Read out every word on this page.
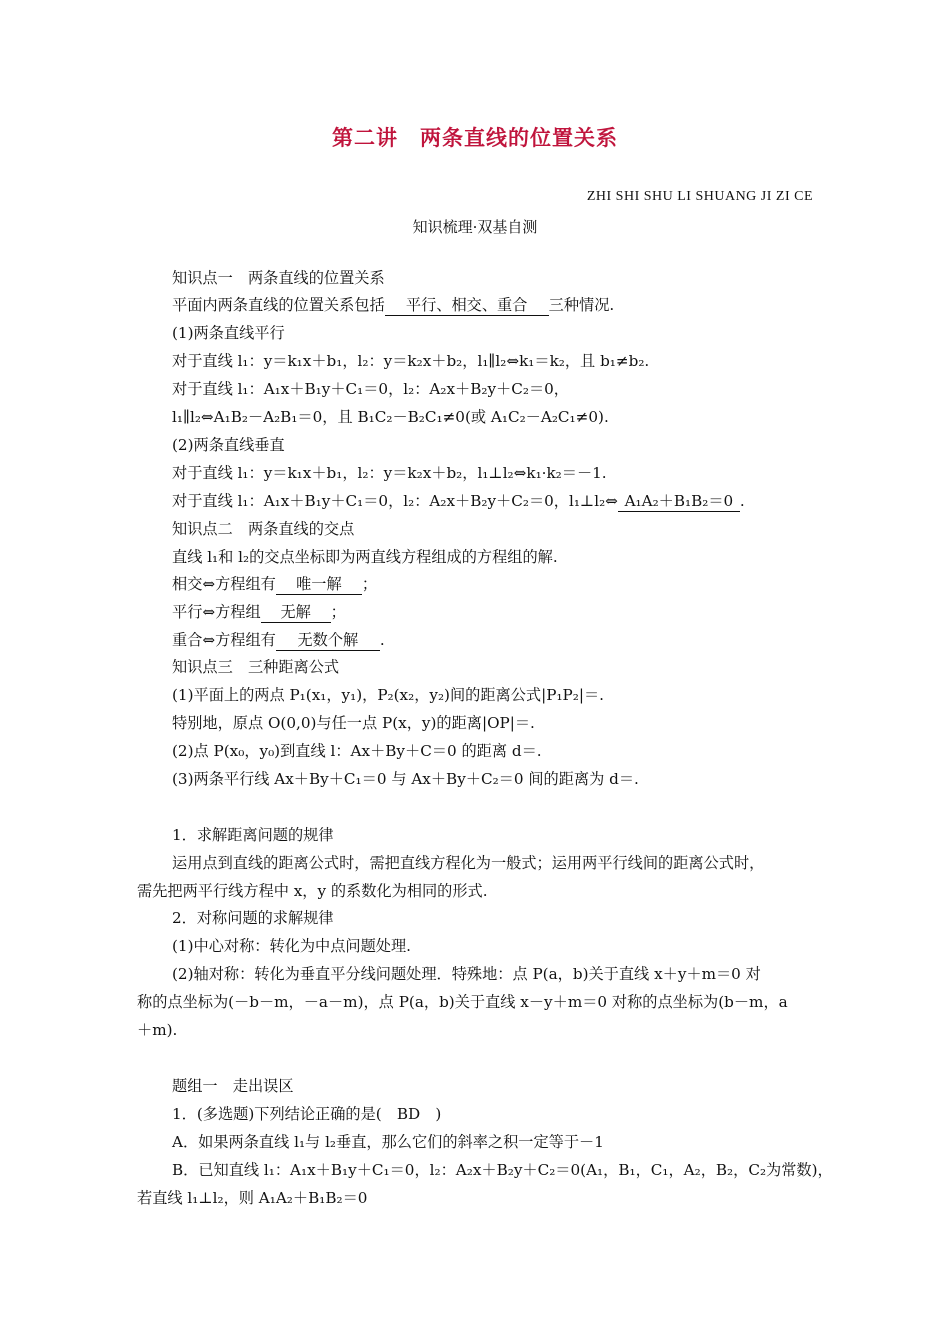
第二讲　两条直线的位置关系
ZHI SHI SHU LI SHUANG JI ZI CE
知识梳理·双基自测
知识点一　两条直线的位置关系
平面内两条直线的位置关系包括 平行、相交、重合 三种情况.
(1)两条直线平行
对于直线 l₁：y＝k₁x＋b₁，l₂：y＝k₂x＋b₂，l₁∥l₂⇔k₁＝k₂，且 b₁≠b₂.
对于直线 l₁：A₁x＋B₁y＋C₁＝0，l₂：A₂x＋B₂y＋C₂＝0，
l₁∥l₂⇔A₁B₂－A₂B₁＝0，且 B₁C₂－B₂C₁≠0(或 A₁C₂－A₂C₁≠0).
(2)两条直线垂直
对于直线 l₁：y＝k₁x＋b₁，l₂：y＝k₂x＋b₂，l₁⊥l₂⇔k₁·k₂＝－1.
对于直线 l₁：A₁x＋B₁y＋C₁＝0，l₂：A₂x＋B₂y＋C₂＝0，l₁⊥l₂⇔ A₁A₂＋B₁B₂＝0 .
知识点二　两条直线的交点
直线 l₁和 l₂的交点坐标即为两直线方程组成的方程组的解.
相交⇔方程组有 唯一解 ；
平行⇔方程组 无解 ；
重合⇔方程组有 无数个解 .
知识点三　三种距离公式
(1)平面上的两点 P₁(x₁，y₁)，P₂(x₂，y₂)间的距离公式|P₁P₂|＝.
特别地，原点 O(0,0)与任一点 P(x，y)的距离|OP|＝.
(2)点 P(x₀，y₀)到直线 l：Ax＋By＋C＝0 的距离 d＝.
(3)两条平行线 Ax＋By＋C₁＝0 与 Ax＋By＋C₂＝0 间的距离为 d＝.
1．求解距离问题的规律
运用点到直线的距离公式时，需把直线方程化为一般式；运用两平行线间的距离公式时，
需先把两平行线方程中 x，y 的系数化为相同的形式.
2．对称问题的求解规律
(1)中心对称：转化为中点问题处理.
(2)轴对称：转化为垂直平分线问题处理．特殊地：点 P(a，b)关于直线 x＋y＋m＝0 对
称的点坐标为(－b－m，－a－m)，点 P(a，b)关于直线 x－y＋m＝0 对称的点坐标为(b－m，a
＋m).
题组一　走出误区
1．(多选题)下列结论正确的是(　BD　)
A．如果两条直线 l₁与 l₂垂直，那么它们的斜率之积一定等于－1
B．已知直线 l₁：A₁x＋B₁y＋C₁＝0，l₂：A₂x＋B₂y＋C₂＝0(A₁，B₁，C₁，A₂，B₂，C₂为常数)，
若直线 l₁⊥l₂，则 A₁A₂＋B₁B₂＝0
